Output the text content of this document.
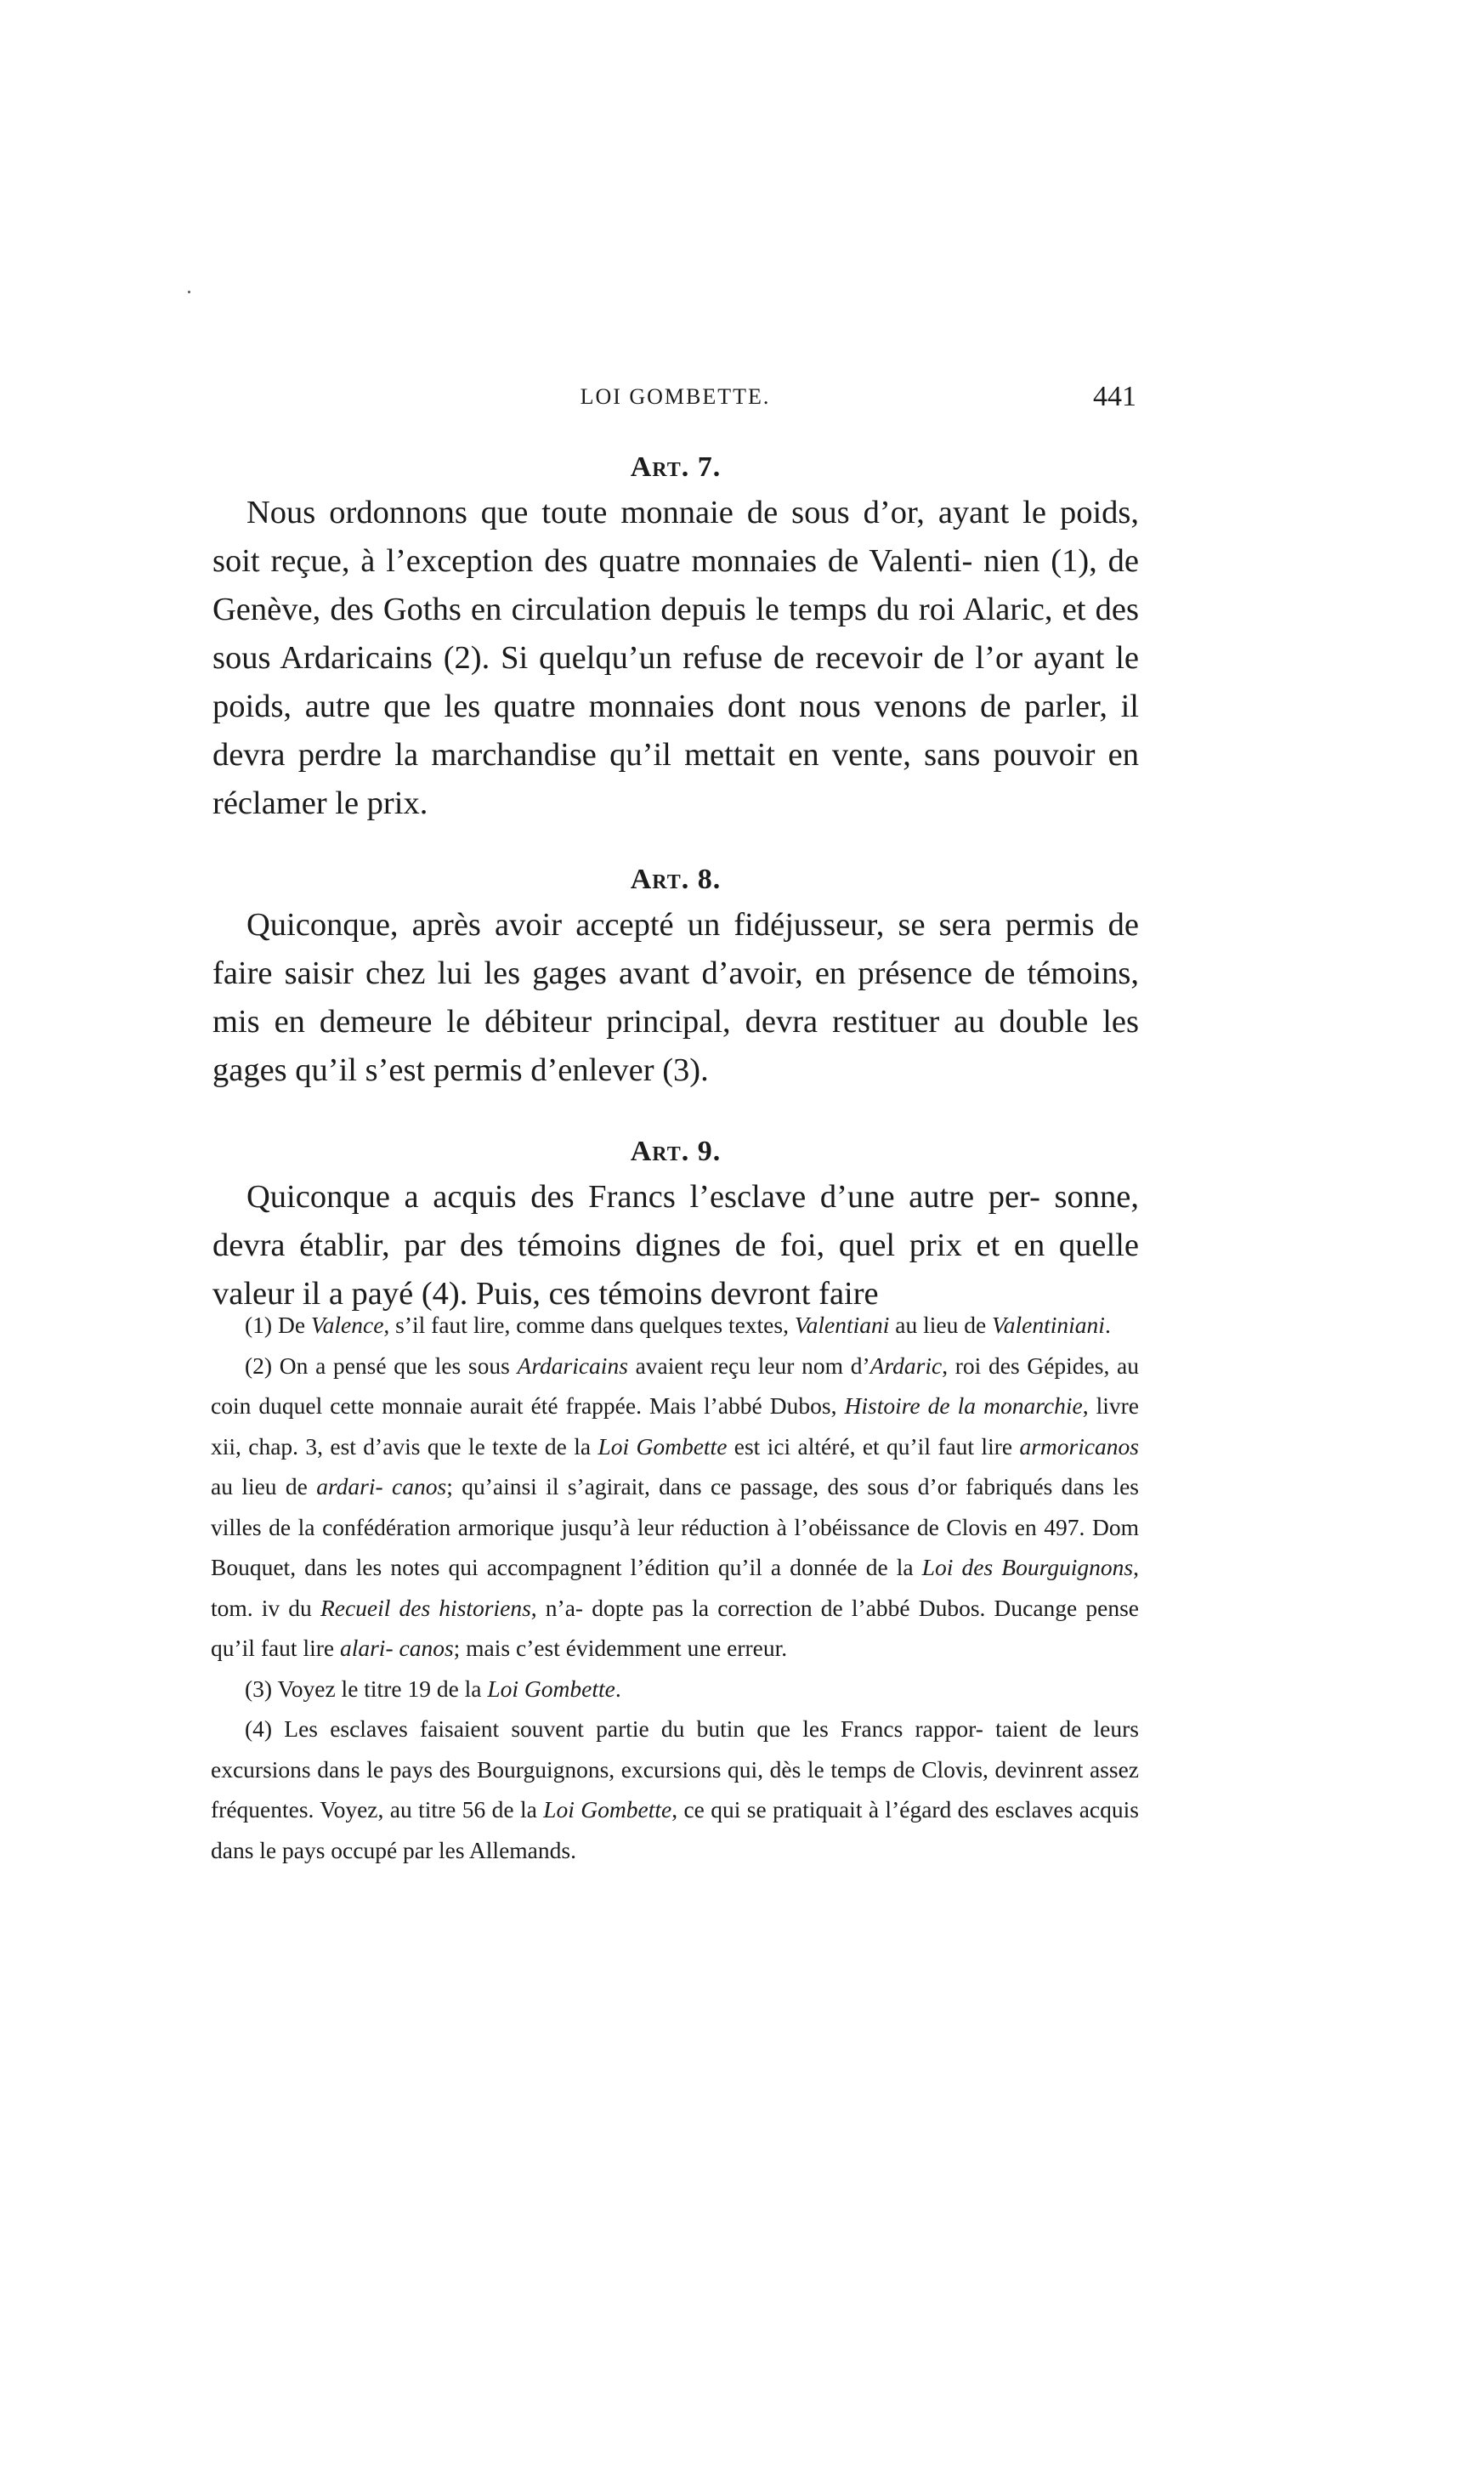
LOI GOMBETTE.	441
Art. 7.

Nous ordonnons que toute monnaie de sous d’or, ayant le poids, soit reçue, à l’exception des quatre monnaies de Valenti- nien (1), de Genève, des Goths en circulation depuis le temps du roi Alaric, et des sous Ardaricains (2). Si quelqu’un refuse de recevoir de l’or ayant le poids, autre que les quatre monnaies dont nous venons de parler, il devra perdre la marchandise qu’il mettait en vente, sans pouvoir en réclamer le prix.

Art. 8.

Quiconque, après avoir accepté un fidéjusseur, se sera permis de faire saisir chez lui les gages avant d’avoir, en présence de témoins, mis en demeure le débiteur principal, devra restituer au double les gages qu’il s’est permis d’enlever (3).

Art. 9.

Quiconque a acquis des Francs l’esclave d’une autre per- sonne, devra établir, par des témoins dignes de foi, quel prix et en quelle valeur il a payé (4). Puis, ces témoins devront faire

(1) De Valence, s’il faut lire, comme dans quelques textes, Valentiani au lieu de Valentiniani.

(2) On a pensé que les sous Ardaricains avaient reçu leur nom d’Ardaric, roi des Gépides, au coin duquel cette monnaie aurait été frappée. Mais l’abbé Dubos, Histoire de la monarchie, livre xii, chap. 3, est d’avis que le texte de la Loi Gombette est ici altéré, et qu’il faut lire armoricanos au lieu de ardari- canos; qu’ainsi il s’agirait, dans ce passage, des sous d’or fabriqués dans les villes de la confédération armorique jusqu’à leur réduction à l’obéissance de Clovis en 497. Dom Bouquet, dans les notes qui accompagnent l’édition qu’il a donnée de la Loi des Bourguignons, tom. iv du Recueil des historiens, n’a- dopte pas la correction de l’abbé Dubos. Ducange pense qu’il faut lire alari- canos; mais c’est évidemment une erreur.

(3) Voyez le titre 19 de la Loi Gombette.

(4) Les esclaves faisaient souvent partie du butin que les Francs rappor- taient de leurs excursions dans le pays des Bourguignons, excursions qui, dès le temps de Clovis, devinrent assez fréquentes. Voyez, au titre 56 de la Loi Gombette, ce qui se pratiquait à l’égard des esclaves acquis dans le pays occupé par les Allemands.
